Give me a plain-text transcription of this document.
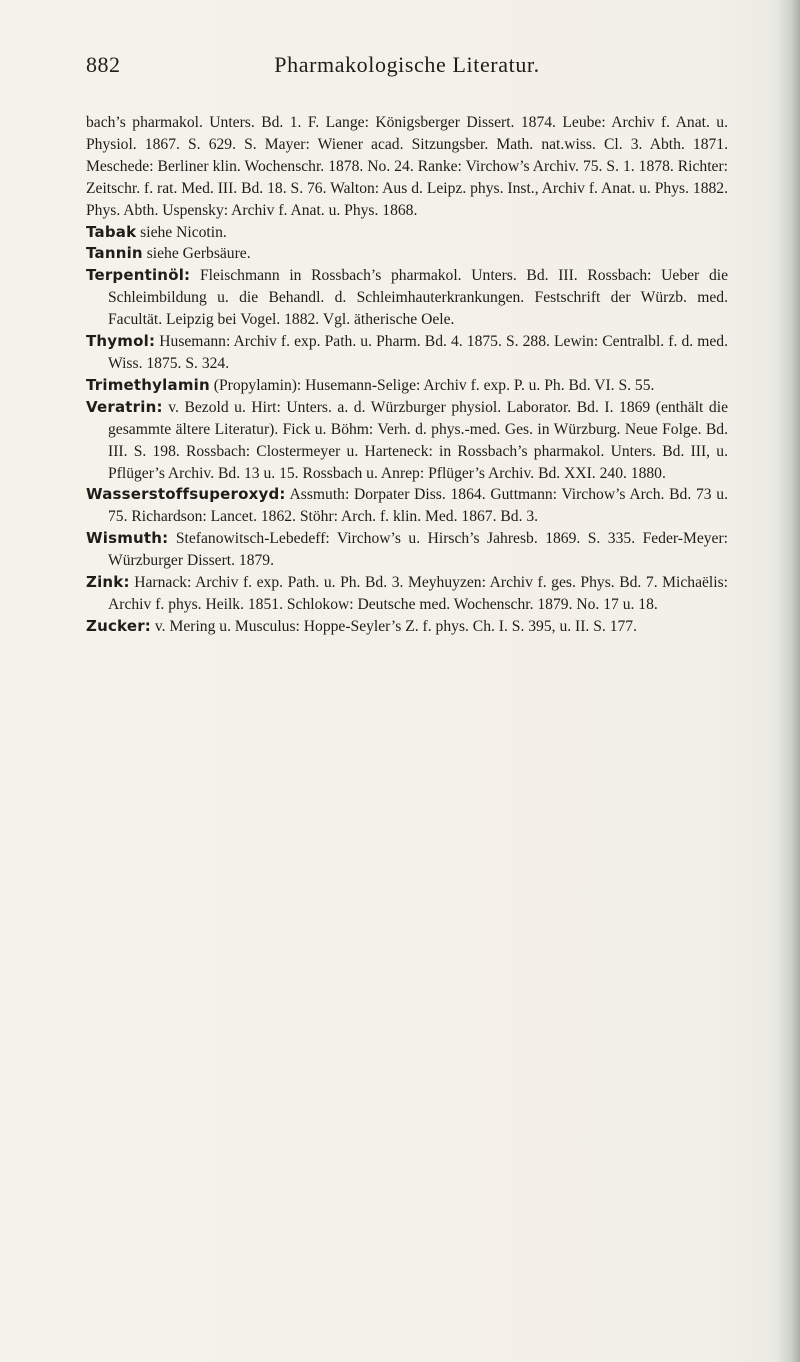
882	Pharmakologische Literatur.

bach’s pharmakol. Unters. Bd. 1. F. Lange: Königsberger Dissert. 1874. Leube: Archiv f. Anat. u. Physiol. 1867. S. 629. S. Mayer: Wiener acad. Sitzungsber. Math. nat.wiss. Cl. 3. Abth. 1871. Meschede: Berliner klin. Wochenschr. 1878. No. 24. Ranke: Virchow’s Archiv. 75. S. 1. 1878. Richter: Zeitschr. f. rat. Med. III. Bd. 18. S. 76. Walton: Aus d. Leipz. phys. Inst., Archiv f. Anat. u. Phys. 1882. Phys. Abth. Uspensky: Archiv f. Anat. u. Phys. 1868.

Tabak siehe Nicotin.

Tannin siehe Gerbsäure.

Terpentinöl: Fleischmann in Rossbach’s pharmakol. Unters. Bd. III. Rossbach: Ueber die Schleimbildung u. die Behandl. d. Schleimhauterkrankungen. Festschrift der Würzb. med. Facultät. Leipzig bei Vogel. 1882. Vgl. ätherische Oele.

Thymol: Husemann: Archiv f. exp. Path. u. Pharm. Bd. 4. 1875. S. 288. Lewin: Centralbl. f. d. med. Wiss. 1875. S. 324.

Trimethylamin (Propylamin): Husemann-Selige: Archiv f. exp. P. u. Ph. Bd. VI. S. 55.

Veratrin: v. Bezold u. Hirt: Unters. a. d. Würzburger physiol. Laborator. Bd. I. 1869 (enthält die gesammte ältere Literatur). Fick u. Böhm: Verh. d. phys.-med. Ges. in Würzburg. Neue Folge. Bd. III. S. 198. Rossbach: Clostermeyer u. Harteneck: in Rossbach’s pharmakol. Unters. Bd. III, u. Pflüger’s Archiv. Bd. 13 u. 15. Rossbach u. Anrep: Pflüger’s Archiv. Bd. XXI. 240. 1880.

Wasserstoffsuperoxyd: Assmuth: Dorpater Diss. 1864. Guttmann: Virchow’s Arch. Bd. 73 u. 75. Richardson: Lancet. 1862. Stöhr: Arch. f. klin. Med. 1867. Bd. 3.

Wismuth: Stefanowitsch-Lebedeff: Virchow’s u. Hirsch’s Jahresb. 1869. S. 335. Feder-Meyer: Würzburger Dissert. 1879.

Zink: Harnack: Archiv f. exp. Path. u. Ph. Bd. 3. Meyhuyzen: Archiv f. ges. Phys. Bd. 7. Michaëlis: Archiv f. phys. Heilk. 1851. Schlokow: Deutsche med. Wochenschr. 1879. No. 17 u. 18.

Zucker: v. Mering u. Musculus: Hoppe-Seyler’s Z. f. phys. Ch. I. S. 395, u. II. S. 177.
